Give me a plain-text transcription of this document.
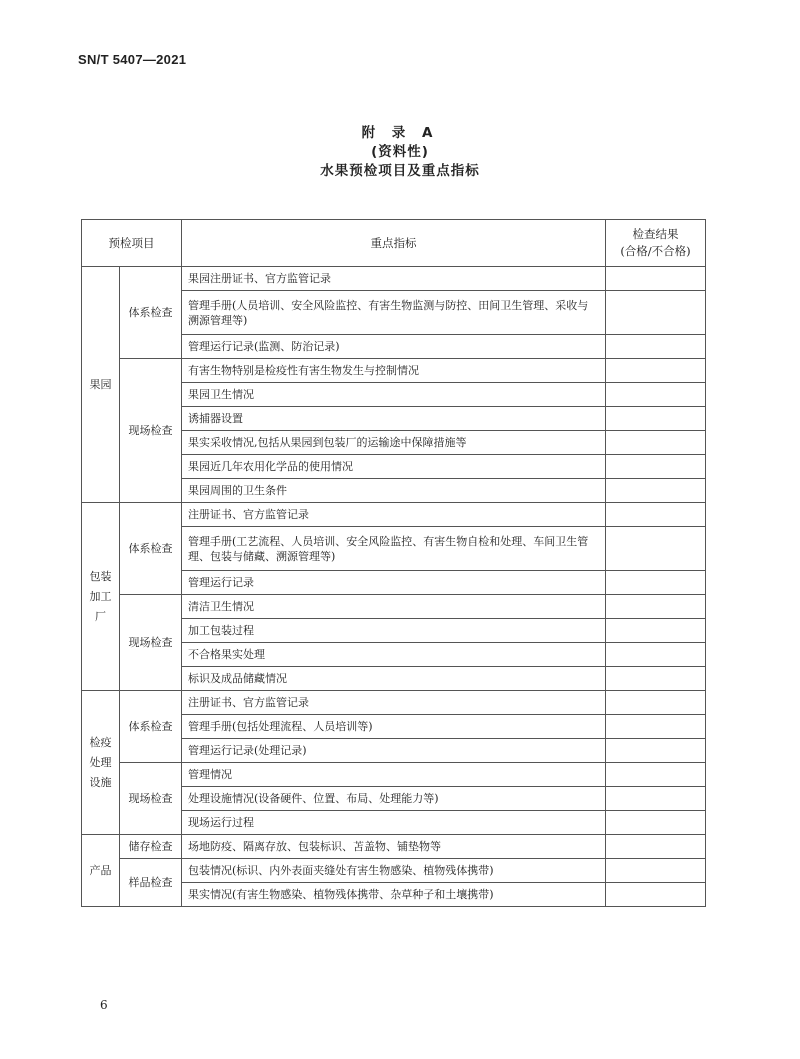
SN/T 5407—2021
附 录 A
(资料性)
水果预检项目及重点指标
预检项目		重点指标	检查结果
(合格/不合格)
果园	体系检查	果园注册证书、官方监管记录	
		管理手册(人员培训、安全风险监控、有害生物监测与防控、田间卫生管理、采收与溯源管理等)	
		管理运行记录(监测、防治记录)	
	现场检查	有害生物特别是检疫性有害生物发生与控制情况	
		果园卫生情况	
		诱捕器设置	
		果实采收情况,包括从果园到包装厂的运输途中保障措施等	
		果园近几年农用化学品的使用情况	
		果园周围的卫生条件	
包装
加工
厂	体系检查	注册证书、官方监管记录	
		管理手册(工艺流程、人员培训、安全风险监控、有害生物自检和处理、车间卫生管理、包装与储藏、溯源管理等)	
		管理运行记录	
	现场检查	清洁卫生情况	
		加工包装过程	
		不合格果实处理	
		标识及成品储藏情况	
检疫
处理
设施	体系检查	注册证书、官方监管记录	
		管理手册(包括处理流程、人员培训等)	
		管理运行记录(处理记录)	
	现场检查	管理情况	
		处理设施情况(设备硬件、位置、布局、处理能力等)	
		现场运行过程	
产品	储存检查	场地防疫、隔离存放、包装标识、苫盖物、铺垫物等	
	样品检查	包装情况(标识、内外表面夹缝处有害生物感染、植物残体携带)	
		果实情况(有害生物感染、植物残体携带、杂草种子和土壤携带)	
6
